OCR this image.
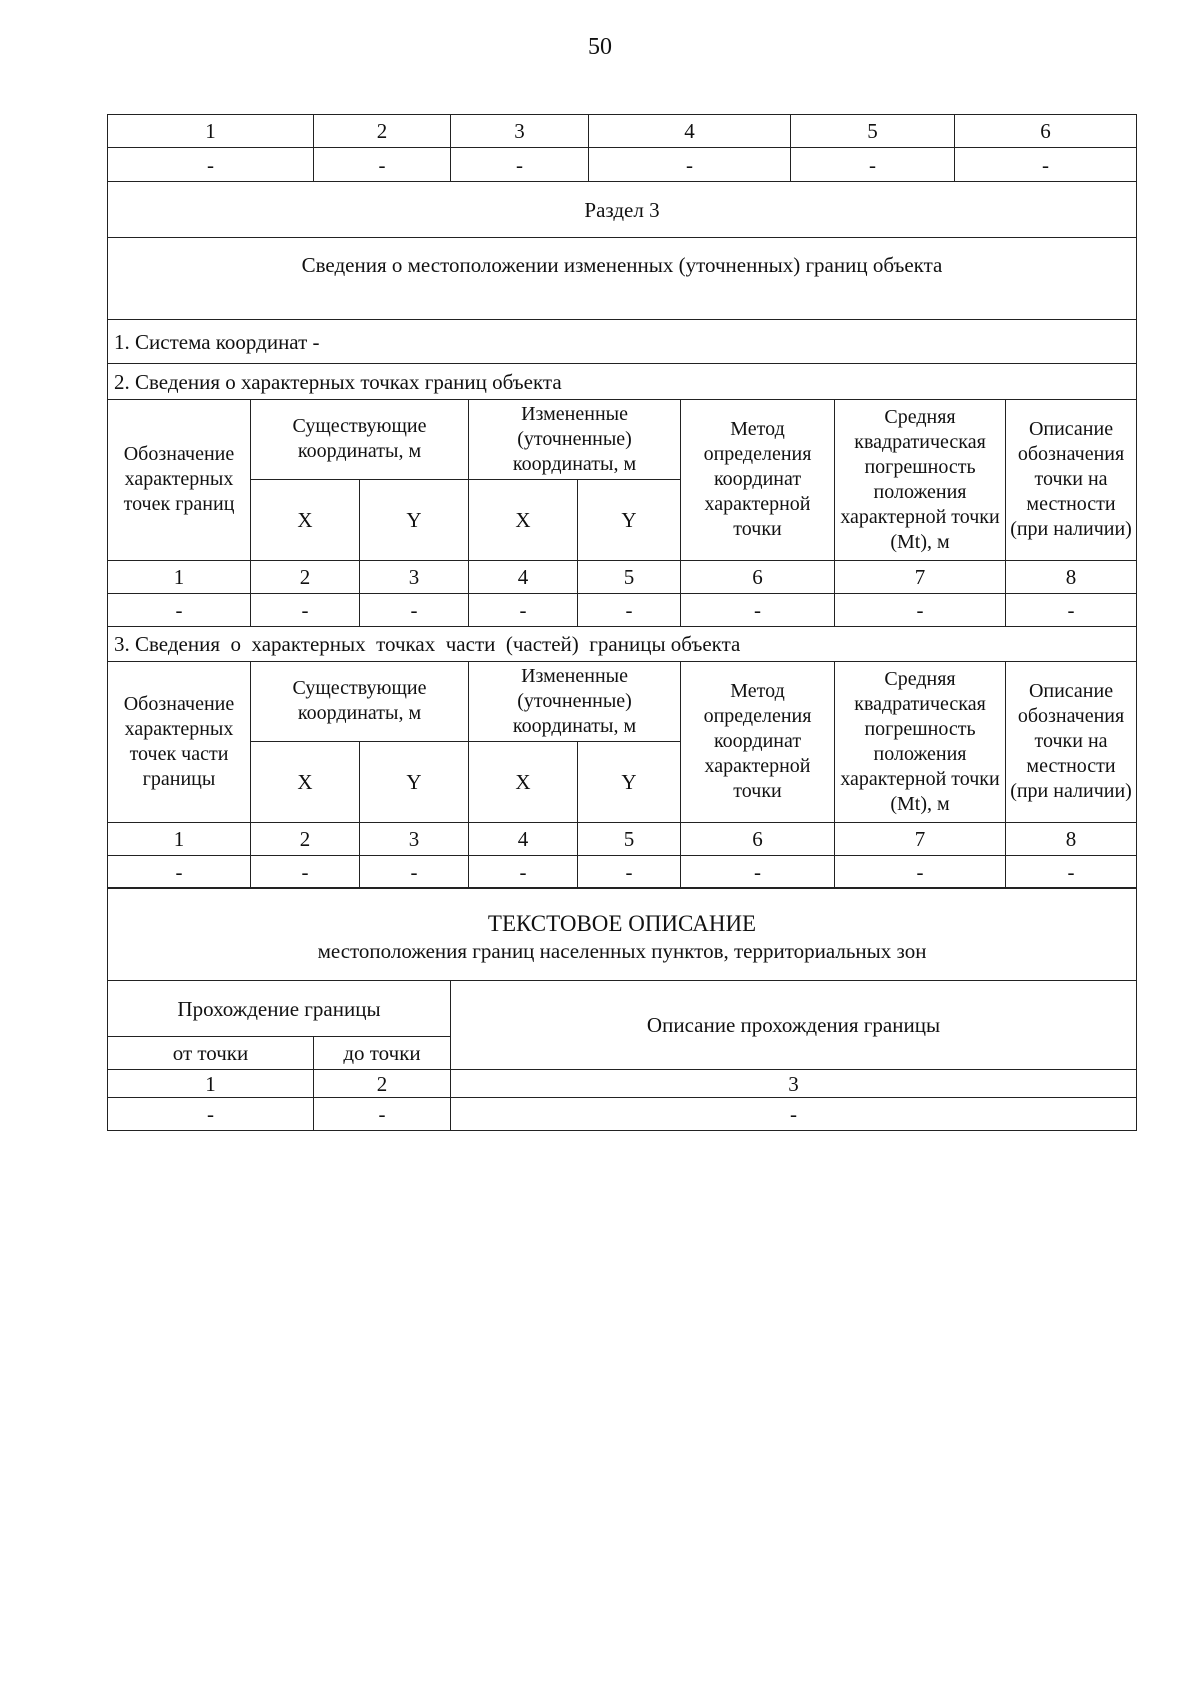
50
1	2	3	4	5	6
-	-	-	-	-	-
Раздел 3					
Сведения о местоположении измененных (уточненных) границ объекта					
1. Система координат -					
2. Сведения о характерных точках границ объекта					
Обозначение характерных точек границ	Существующие координаты, м		Измененные (уточненные) координаты, м		Метод определения координат характерной точки	Средняя квадратическая погрешность положения характерной точки (Mt), м	Описание обозначения точки на местности (при наличии)
	X	Y	X	Y			
1	2	3	4	5	6	7	8
-	-	-	-	-	-	-	-
3. Сведения  о  характерных  точках  части  (частей)  границы объекта							
Обозначение характерных точек части границы	Существующие координаты, м		Измененные (уточненные) координаты, м		Метод определения координат характерной точки	Средняя квадратическая погрешность положения характерной точки (Mt), м	Описание обозначения точки на местности (при наличии)
	X	Y	X	Y			
1	2	3	4	5	6	7	8
-	-	-	-	-	-	-	-
ТЕКСТОВОЕ ОПИСАНИЕ
местоположения границ населенных пунктов, территориальных зон		

Прохождение границы		Описание прохождения границы
от точки	до точки	
1	2	3
-	-	-
